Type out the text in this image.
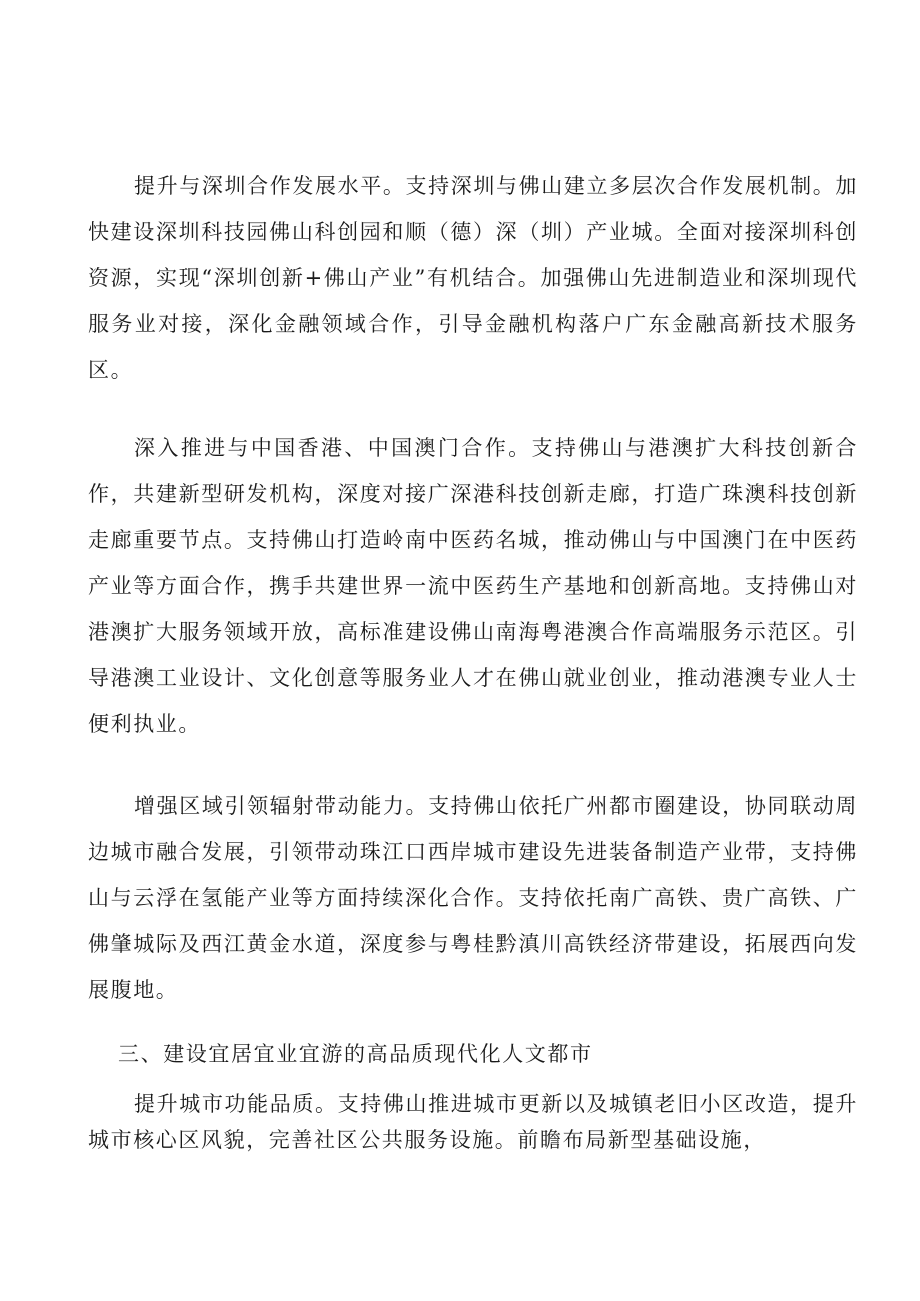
提升与深圳合作发展水平。支持深圳与佛山建立多层次合作发展机制。加快建设深圳科技园佛山科创园和顺（德）深（圳）产业城。全面对接深圳科创资源，实现“深圳创新+佛山产业”有机结合。加强佛山先进制造业和深圳现代服务业对接，深化金融领域合作，引导金融机构落户广东金融高新技术服务区。

深入推进与中国香港、中国澳门合作。支持佛山与港澳扩大科技创新合作，共建新型研发机构，深度对接广深港科技创新走廊，打造广珠澳科技创新走廊重要节点。支持佛山打造岭南中医药名城，推动佛山与中国澳门在中医药产业等方面合作，携手共建世界一流中医药生产基地和创新高地。支持佛山对港澳扩大服务领域开放，高标准建设佛山南海粤港澳合作高端服务示范区。引导港澳工业设计、文化创意等服务业人才在佛山就业创业，推动港澳专业人士便利执业。

增强区域引领辐射带动能力。支持佛山依托广州都市圈建设，协同联动周边城市融合发展，引领带动珠江口西岸城市建设先进装备制造产业带，支持佛山与云浮在氢能产业等方面持续深化合作。支持依托南广高铁、贵广高铁、广佛肇城际及西江黄金水道，深度参与粤桂黔滇川高铁经济带建设，拓展西向发展腹地。

三、建设宜居宜业宜游的高品质现代化人文都市

提升城市功能品质。支持佛山推进城市更新以及城镇老旧小区改造，提升城市核心区风貌，完善社区公共服务设施。前瞻布局新型基础设施，
